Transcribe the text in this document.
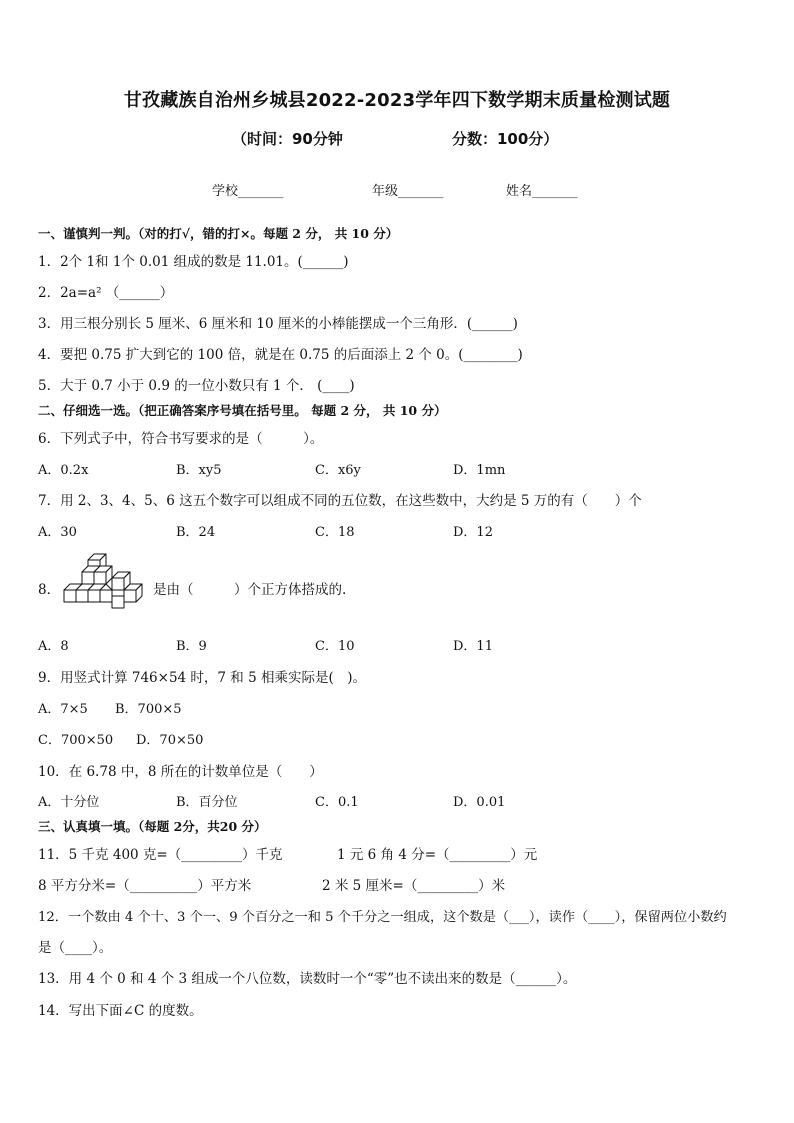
甘孜藏族自治州乡城县2022-2023学年四下数学期末质量检测试题
（时间：90分钟	分数：100分）
学校_______	年级_______	姓名_______
一、谨慎判一判。（对的打√，错的打×。每题 2 分， 共 10 分）
1．2个 1和 1个 0.01 组成的数是 11.01。(______)
2．2a=a² （______）
3．用三根分别长 5 厘米、6 厘米和 10 厘米的小棒能摆成一个三角形．(______)
4．要把 0.75 扩大到它的 100 倍，就是在 0.75 的后面添上 2 个 0。(________)
5．大于 0.7 小于 0.9 的一位小数只有 1 个． (____)
二、仔细选一选。（把正确答案序号填在括号里。 每题 2 分， 共 10 分）
6．下列式子中，符合书写要求的是（　　　）。
A．0.2x	B．xy5	C．x6y	D．1mn
7．用 2、3、4、5、6 这五个数字可以组成不同的五位数，在这些数中，大约是 5 万的有（　　）个
A．30	B．24	C．18	D．12
8．	是由（　　　）个正方体搭成的.
A．8	B．9	C．10	D．11
9．用竖式计算 746×54 时，7 和 5 相乘实际是(　)。
A．7×5 B．700×5
C．700×50 D．70×50
10．在 6.78 中，8 所在的计数单位是（　　）
A．十分位	B．百分位	C．0.1	D．0.01
三、认真填一填。（每题 2分，共20 分）
11．5 千克 400 克=（_________）千克	1 元 6 角 4 分=（_________）元
8 平方分米=（__________）平方米	2 米 5 厘米=（_________）米
12．一个数由 4 个十、3 个一、9 个百分之一和 5 个千分之一组成，这个数是（___），读作（____），保留两位小数约
是（____）。
13．用 4 个 0 和 4 个 3 组成一个八位数，读数时一个“零”也不读出来的数是（______）。
14．写出下面∠C 的度数。
